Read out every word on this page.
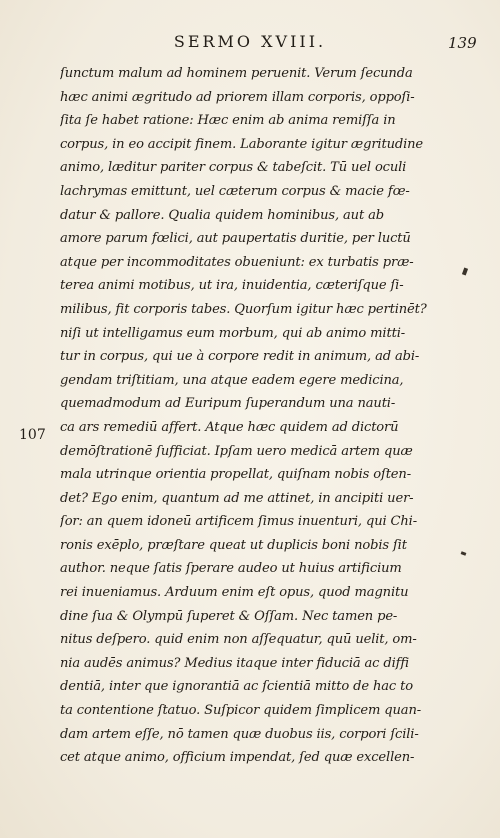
SERMO XVIII.	139
107
ſunctum malum ad hominem peruenit. Verum ſecunda
hæc animi ægritudo ad priorem illam corporis, oppoſi-
ſita ſe habet ratione: Hæc enim ab anima remiſſa in
corpus, in eo accipit finem. Laborante igitur ægritudine
animo, læditur pariter corpus & tabeſcit. Tū uel oculi
lachrymas emittunt, uel cæterum corpus & macie fœ-
datur & pallore. Qualia quidem hominibus, aut ab
amore parum fœlici, aut paupertatis duritie, per luctū
atque per incommoditates obueniunt: ex turbatis præ-
terea animi motibus, ut ira, inuidentia, cæteriſque ſi-
milibus, fit corporis tabes. Quorſum igitur hæc pertinēt?
niſi ut intelligamus eum morbum, qui ab animo mitti-
tur in corpus, qui ue à corpore redit in animum, ad abi-
gendam triſtitiam, una atque eadem egere medicina,
quemadmodum ad Euripum ſuperandum una nauti-
ca ars remediū affert. Atque hæc quidem ad dictorū
demōſtrationē ſufficiat. Ipſam uero medicā artem quæ
mala utrinque orientia propellat, quiſnam nobis oſten-
det? Ego enim, quantum ad me attinet, in ancipiti uer-
ſor: an quem idoneū artificem ſimus inuenturi, qui Chi-
ronis exēplo, præſtare queat ut duplicis boni nobis ſit
author. neque ſatis ſperare audeo ut huius artificium
rei inueniamus. Arduum enim eſt opus, quod magnitu
dine ſua & Olympū ſuperet & Oſſam. Nec tamen pe-
nitus deſpero. quid enim non aſſequatur, quū uelit, om-
nia audēs animus? Medius itaque inter fiduciā ac diffi
dentiā, inter que ignorantiā ac ſcientiā mitto de hac to
ta contentione ſtatuo. Suſpicor quidem ſimplicem quan-
dam artem eſſe, nō tamen quæ duobus iis, corpori ſcili-
cet atque animo, officium impendat, ſed quæ excellen-
